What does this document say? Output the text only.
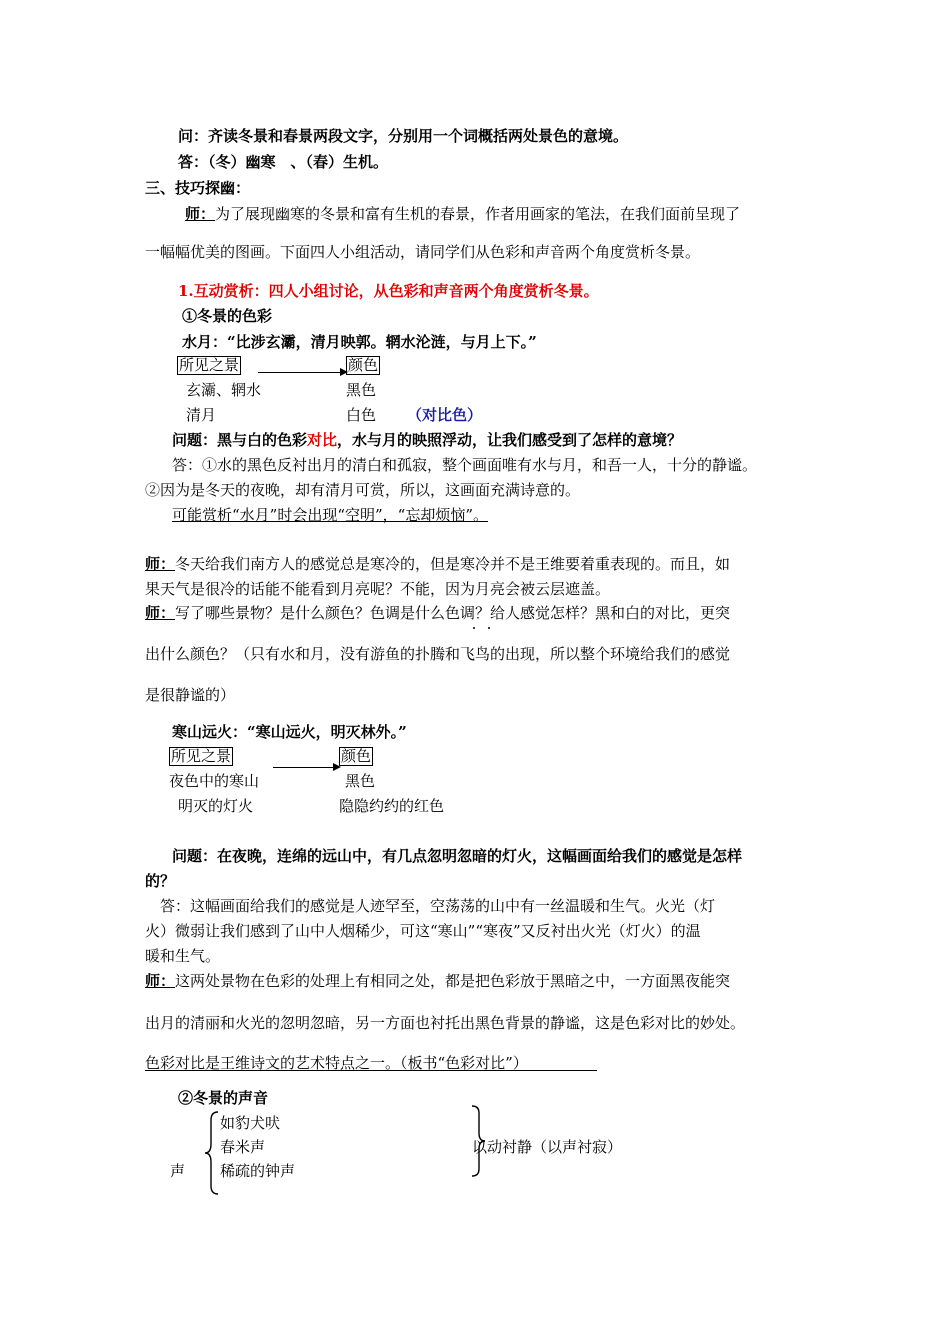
问：齐读冬景和春景两段文字，分别用一个词概括两处景色的意境。
答：（冬）幽寒　、（春）生机。
三、技巧探幽：
师：为了展现幽寒的冬景和富有生机的春景，作者用画家的笔法，在我们面前呈现了
一幅幅优美的图画。下面四人小组活动，请同学们从色彩和声音两个角度赏析冬景。
1.互动赏析：四人小组讨论，从色彩和声音两个角度赏析冬景。
①冬景的色彩
水月：“比涉玄灞，清月映郭。辋水沦涟，与月上下。”
所见之景	颜色
玄灞、辋水	黑色
清月	白色 （对比色）
问题：黑与白的色彩对比，水与月的映照浮动，让我们感受到了怎样的意境？
答：①水的黑色反衬出月的清白和孤寂，整个画面唯有水与月，和吾一人，十分的静谧。
②因为是冬天的夜晚，却有清月可赏，所以，这画面充满诗意的。
可能赏析“水月”时会出现“空明”，“忘却烦恼”。
师：冬天给我们南方人的感觉总是寒冷的，但是寒冷并不是王维要着重表现的。而且，如
果天气是很冷的话能不能看到月亮呢？不能，因为月亮会被云层遮盖。
师：写了哪些景物？是什么颜色？色调是什么色调？给人感觉怎样？黑和白的对比，更突
出什么颜色？（只有水和月，没有游鱼的扑腾和飞鸟的出现，所以整个环境给我们的感觉
是很静谧的）
寒山远火：“寒山远火，明灭林外。”
所见之景	颜色
夜色中的寒山	黑色
明灭的灯火	隐隐约约的红色
问题：在夜晚，连绵的远山中，有几点忽明忽暗的灯火，这幅画面给我们的感觉是怎样
的？
答：这幅画面给我们的感觉是人迹罕至，空荡荡的山中有一丝温暖和生气。火光（灯
火）微弱让我们感到了山中人烟稀少，可这“寒山”“寒夜”又反衬出火光（灯火）的温
暖和生气。
师：这两处景物在色彩的处理上有相同之处，都是把色彩放于黑暗之中，一方面黑夜能突
出月的清丽和火光的忽明忽暗，另一方面也衬托出黑色背景的静谧，这是色彩对比的妙处。
色彩对比是王维诗文的艺术特点之一。（板书“色彩对比”）
②冬景的声音
如豹犬吠
春米声
声 稀疏的钟声
以动衬静（以声衬寂）
